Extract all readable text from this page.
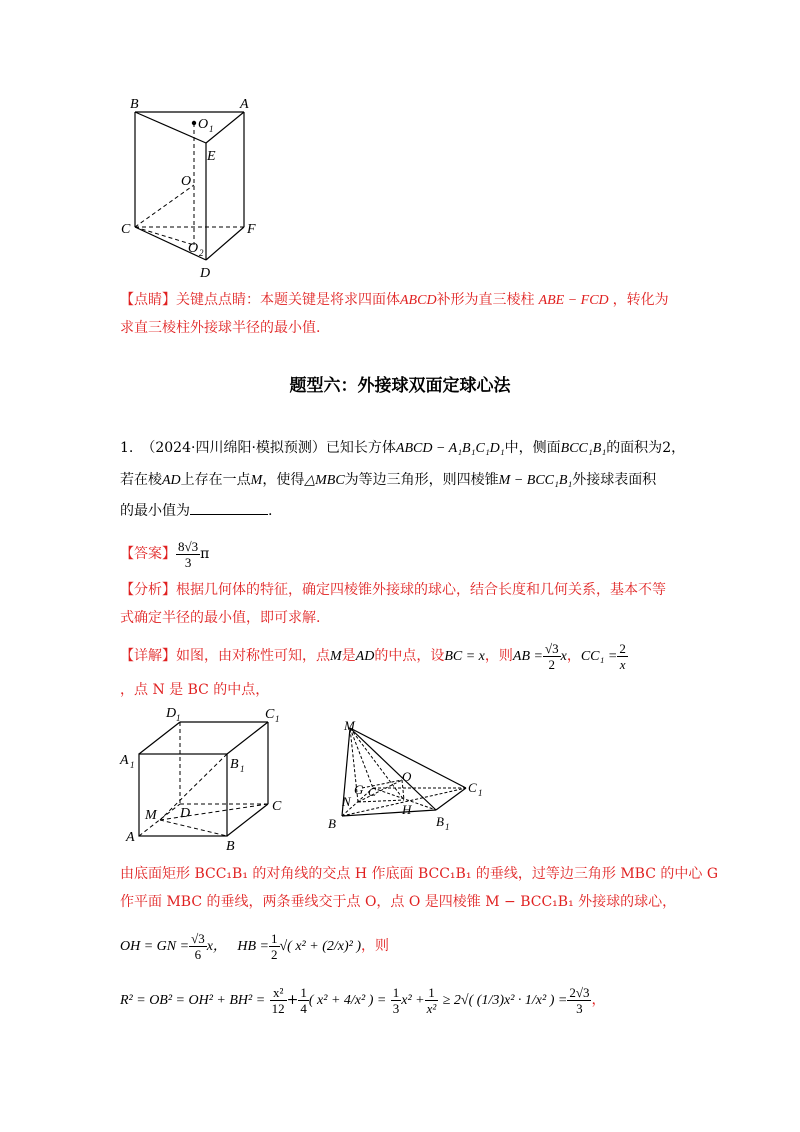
B	A
O 1
E
O
C	F
O 2
D
【点睛】关键点点睛：本题关键是将求四面体ABCD补形为直三棱柱 ABE − FCD ，转化为
求直三棱柱外接球半径的最小值.
题型六：外接球双面定球心法
1. （2024·四川绵阳·模拟预测）已知长方体ABCD − A₁B₁C₁D₁中，侧面BCC₁B₁的面积为2，
若在棱AD上存在一点M，使得△MBC为等边三角形，则四棱锥M − BCC₁B₁外接球表面积
的最小值为	.
【答案】 $\frac{8√3}{3}$ π
【分析】根据几何体的特征，确定四棱锥外接球的球心，结合长度和几何关系，基本不等
式确定半径的最小值，即可求解.
【详解】如图，由对称性可知，点M是AD的中点，设BC = x，则AB = $\frac{√3}{2}$ x，$CC_1 = \frac{2}{x}$
，点 N 是 BC 的中点，
D 1
A 1	B 1
C 1
M D	C
A
B
M
O
G C	C 1
N
H
B	B 1
由底面矩形 BCC₁B₁ 的对角线的交点 H 作底面 BCC₁B₁ 的垂线，过等边三角形 MBC 的中心 G
作平面 MBC 的垂线，两条垂线交于点 O，点 O 是四棱锥 M − BCC₁B₁ 外接球的球心，
OH = GN = $\frac{√3}{6}$ x， HB = $\frac{1}{2}$ √( x² + (2/x)² )，则
$R^2 = OB^2 = OH^2 + BH^2 = \frac{\text{x²}}{12} + \frac{1}{4}$ ( x² + 4/x² ) = $\frac{1}{3} x^2 + \frac{1}{\text{x²}} \ge 2√$( (1/3)x² · 1/x² ) = $\frac{2√3}{3}$ ，
